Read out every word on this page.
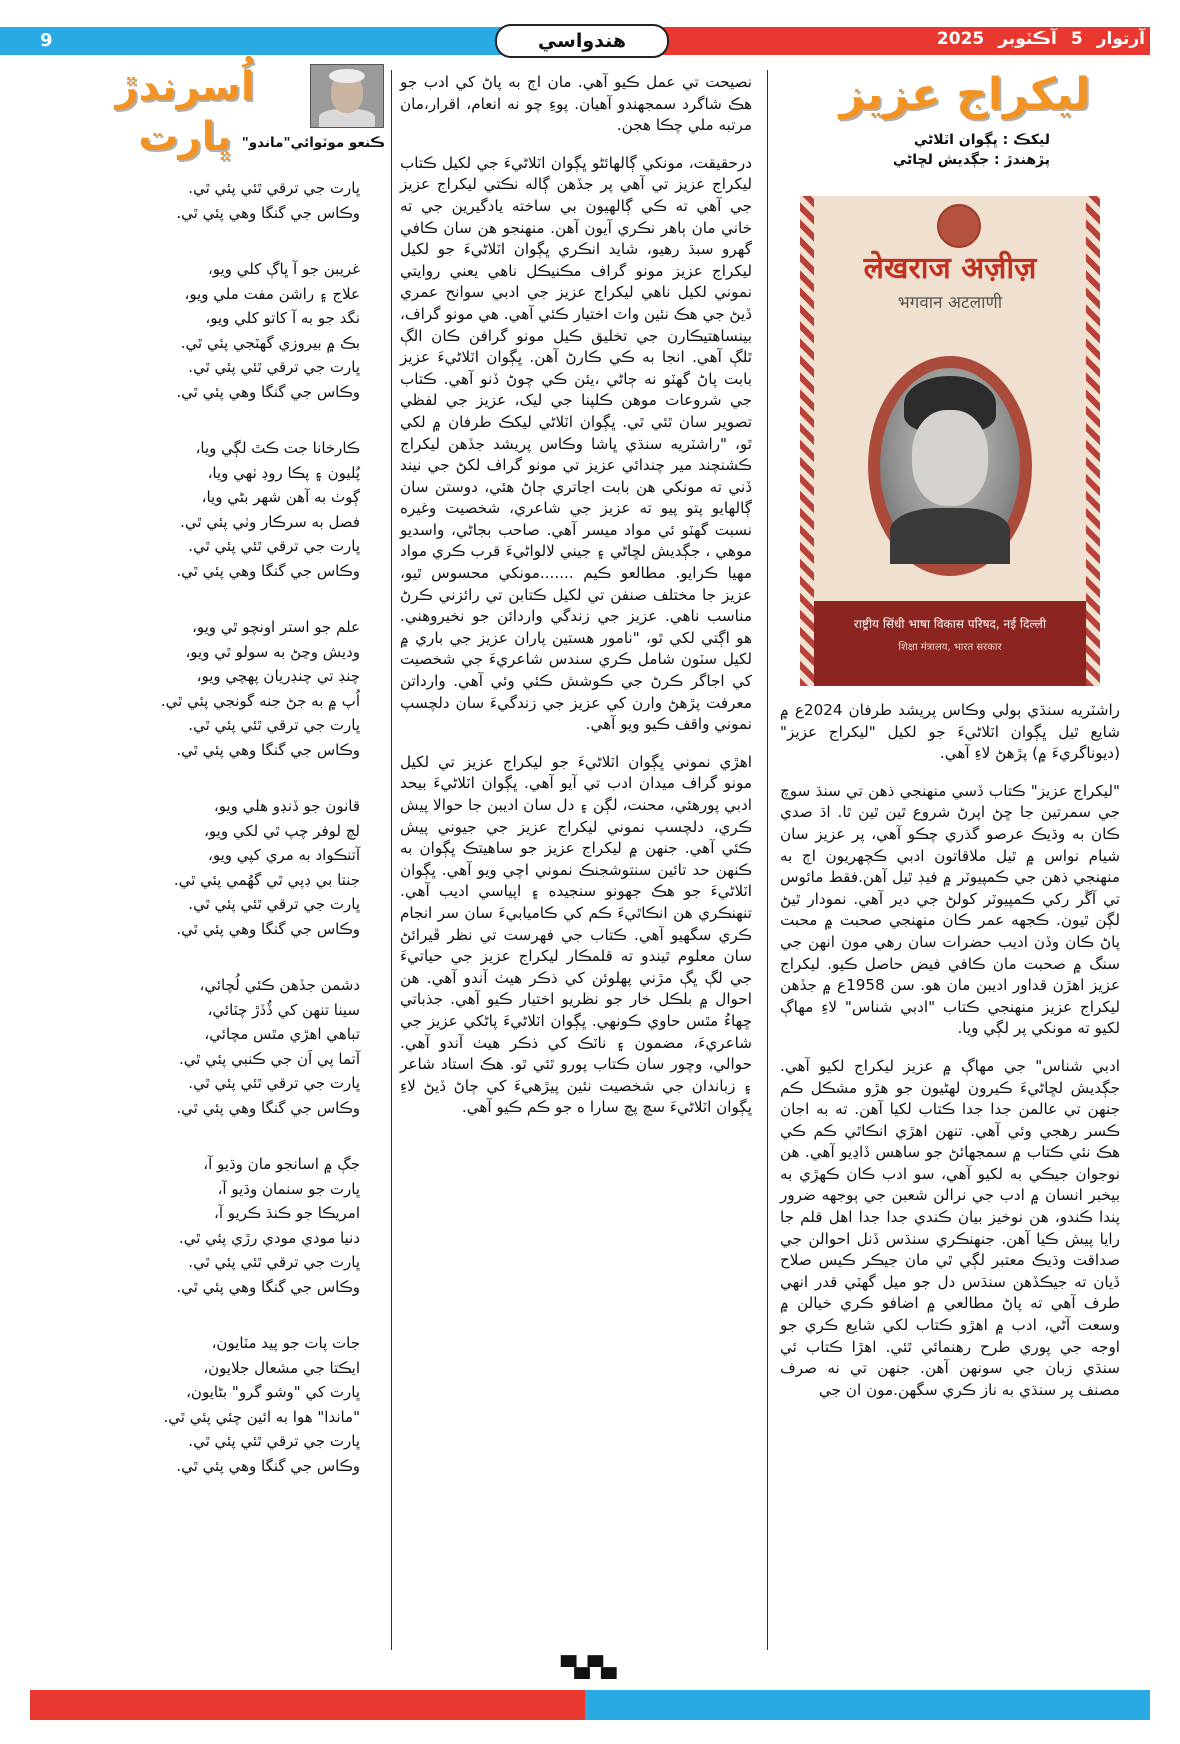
9	هندواسي	آرتوار5آڪٽوبر2025
ليکراج عزيز
ليکڪ : ڀڳوان اٽلاڻي
پڙهندڙ : جڳديش لڇاڻي
लेखराज अज़ीज़
भगवान अटलाणी
राष्ट्रीय सिंधी भाषा विकास परिषद, नई दिल्ली
शिक्षा मंत्रालय, भारत सरकार

راشٽريه سنڌي ٻولي وڪاس پريشد طرفان 2024ع ۾ شايع ٿيل ڀڳوان اٽلاڻيءَ جو لکيل "ليکراج عزيز" (ديوناگريءَ ۾) پڙهڻ لاءِ آهي.

"ليکراج عزيز" ڪتاب ڏسي منهنجي ذهن تي سنڌ سوچ جي سمرتين جا ڇڻ اپرڻ شروع ٿين ٿين ٿا. اڌ صدي ڪان به وڌيڪ عرصو گذري چڪو آهي، پر عزيز سان شيام نواس ۾ ٿيل ملاقاتون ادبي ڪچهريون اڄ به منهنجي ذهن جي ڪمپيوٽر ۾ فيڊ ٿيل آهن.فقط مائوس تي آڱر رکي ڪمپيوٽر کولڻ جي دير آهي. نمودار ٿيڻ لڳن ٿيون. ڪجهه عمر ڪان منهنجي صحبت ۾ محبت پاڻ ڪان وڏن اديب حضرات سان رهي مون انهن جي سنگ ۾ صحبت مان ڪافي فيض حاصل ڪيو. ليکراج عزيز اهڙن قداور اديبن مان هو. سن 1958ع ۾ جڏهن ليکراج عزيز منهنجي ڪتاب "ادبي شناس" لاءِ مهاڳ لکيو ته مونکي پر لڳي ويا.

ادبي شناس" جي مهاڳ ۾ عزيز ليکراج لکيو آهي. جڳديش لڇاڻيءَ ڪيرون لهڻيون جو هڙو مشڪل ڪم جنهن تي عالمن جدا جدا ڪتاب لکيا آهن. ته به اجان ڪسر رهجي وئي آهي. تنهن اهڙي انڪاٿي ڪم ڪي هڪ نئي ڪتاب ۾ سمجهائڻ جو ساهس ڏاڍيو آهي. هن نوجوان جيڪي به لکيو آهي، سو ادب ڪان ڪهڙي به بيخبر انسان ۾ ادب جي نرالن شعبن جي ٻوجهه ضرور پندا ڪندو، هن نوخيز بيان ڪندي جدا جدا اهل قلم جا رايا پيش ڪيا آهن. جنهنڪري سنڌس ڏنل احوالن جي صداقت وڌيڪ معتبر لڳي ٿي مان جيڪر ڪيس صلاح ڏيان ته جيڪڏهن سنڌس دل جو ميل گهٽي قدر انهي طرف آهي ته پاڻ مطالعي ۾ اضافو ڪري خيالن ۾ وسعت آڻي، ادب ۾ اهڙو ڪتاب لکي شايع ڪري جو اوجه جي پوري طرح رهنمائي ٿئي. اهڙا ڪتاب ئي سنڌي زبان جي سونهن آهن. جنهن تي نه صرف مصنف پر سنڌي به ناز ڪري سگهن.مون ان جي

نصيحت تي عمل ڪيو آهي. مان اڄ به پاڻ کي ادب جو هڪ شاگرد سمجهندو آهيان. پوءِ چو نه انعام، اقرار،مان مرتبه ملي چڪا هجن.

درحقيقت، مونکي ڳالهائڻو ڀڳوان اٽلاڻيءَ جي لکيل ڪتاب ليکراج عزيز تي آهي پر جڏهن ڳاله نڪتي ليکراج عزيز جي آهي ته ڪي ڳالهيون بي ساخته يادگيرين جي ته خاني مان ٻاهر نڪري آيون آهن. منهنجو هن سان ڪافي گهرو سبڌ رهيو، شايد انڪري ڀڳوان اٽلاڻيءَ جو لکيل ليکراج عزيز مونو گراف مڪنيڪل ناهي يعني روايتي نموني لکيل ناهي ليکراج عزيز جي ادبي سوانح عمري ڏيڻ جي هڪ نئين واٽ اختيار ڪئي آهي. هي مونو گراف، بينساهتيڪارن جي تخليق ڪيل مونو گرافن ڪان الڳ ٿلڳ آهي. انجا به ڪي ڪارڻ آهن. ڀڳوان اٽلاڻيءَ عزيز بابت پاڻ گهٽو نه ڄاڻي ،يئن ڪي چوڻ ڏنو آهي. ڪتاب جي شروعات موهن ڪلپنا جي ليک، عزيز جي لفظي تصوير سان ٿئي ٿي. ڀڳوان اٽلاڻي ليکڪ طرفان ۾ لکي ٿو، "راشٽريه سنڌي ڀاشا وڪاس پريشد جڏهن ليکراج ڪشنچند مير چندائي عزيز تي مونو گراف لکڻ جي نيند ڏني ته مونکي هن بابت اڃاتري ڄاڻ هئي، دوستن سان ڳالهايو پتو پيو ته عزيز جي شاعري، شخصيت وغيره نسبت گهٽو ئي مواد ميسر آهي. صاحب بجاڻي، واسديو موهي ، جڳديش لڇاڻي ۽ جيني لالواڻيءَ قرب ڪري مواد مهيا ڪرايو. مطالعو ڪيم .......مونکي محسوس ٿيو، عزيز جا مختلف صنفن تي لکيل ڪتابن تي رائزني ڪرڻ مناسب ناهي. عزيز جي زندگي واردائن جو نخيروهني. هو اڳتي لکي ٿو، "نامور هستين پاران عزيز جي باري ۾ لکيل سٽون شامل ڪري سندس شاعريءَ جي شخصيت کي اجاگر ڪرڻ جي ڪوشش ڪئي وئي آهي. وارداتن معرفت پڙهڻ وارن کي عزيز جي زندگيءَ سان دلچسپ نموني واقف ڪيو ويو آهي.

اهڙي نموني ڀڳوان اٽلاڻيءَ جو ليکراج عزيز تي لکيل مونو گراف ميدان ادب تي آيو آهي. ڀڳوان اٽلاڻيءَ بيحد ادبي پورهئي، محنت، لڳن ۽ دل سان اديبن جا حوالا پيش ڪري، دلچسپ نموني ليکراج عزيز جي جيوني پيش ڪئي آهي. جنهن ۾ ليکراج عزيز جو ساهيتڪ ڀڳوان به ڪنهن حد تائين سنتوشجنڪ نموني اچي ويو آهي. ڀڳوان اٽلاڻيءَ جو هڪ جهونو سنجيده ۽ اپياسي اديب آهي. تنهنڪري هن انڪاٿيءَ ڪم کي ڪاميابيءَ سان سر انجام ڪري سگهيو آهي. ڪتاب جي فهرست تي نظر ڦيرائڻ سان معلوم ٿيندو ته قلمڪار ليکراج عزيز جي حياتيءَ جي لڳ ڀڳ مڙني پهلوئن کي ذڪر هيٺ آندو آهي. هن احوال ۾ بلڪل خار جو نظريو اختيار ڪيو آهي. جذباتي ڇهاءُ مٿس حاوي ڪونهي. ڀڳوان اٽلاڻيءَ پاڻکي عزيز جي شاعريءَ، مضمون ۽ ناٽڪ کي ذڪر هيٺ آندو آهي. حوالي، وچور سان ڪتاب پورو ٿئي ٿو. هڪ استاد شاعر ۽ زباندان جي شخصيت نئين پيڙهيءَ کي ڄاڻ ڏيڻ لاءِ ڀڳوان اٽلاڻيءَ سچ پچ سارا ه جو ڪم ڪيو آهي.

اُسرندڙ ڀارت ڪنعو موٽوائي"ماندو"
ڀارت جي ترقي ٿئي پئي ٿي.
وڪاس جي گنگا وهي پئي ٿي.
غريبن جو آ ڀاڳ کلي ويو،
علاج ۽ راشن مفت ملي ويو،
نگد جو به آ کاتو کلي ويو،
بڪ ۾ بيروزي گهٽجي پئي ٿي.
ڀارت جي ترقي ٿئي پئي ٿي.
وڪاس جي گنگا وهي پئي ٿي.
ڪارخانا جت ڪٿ لڳي ويا،
پُليون ۽ پڪا روڊ ٺهي ويا،
ڳوٺ به آهن شهر بڻي ويا،
فصل به سرڪار وٺي پئي ٿي.
ڀارت جي ترقي ٿئي پئي ٿي.
وڪاس جي گنگا وهي پئي ٿي.
علم جو استر اونچو ٿي ويو،
وديش وڃڻ به سولو ٿي ويو،
چنڊ تي چنڊريان پهچي ويو،
اُپ ۾ به جڻ جنه گونجي پئي ٿي.
ڀارت جي ترقي ٿئي پئي ٿي.
وڪاس جي گنگا وهي پئي ٿي.
قانون جو ڏنڊو هلي ويو،
لچ لوفر چپ ٿي لکي ويو،
آتنڪواد به مري کپي ويو،
جنتا بي ڊپي ٿي گهُمي پئي ٿي.
ڀارت جي ترقي ٿئي پئي ٿي.
وڪاس جي گنگا وهي پئي ٿي.
دشمن جڏهن ڪئي لُچائي،
سينا تنهن کي ڏُڏڙ چٽائي،
تباهي اهڙي مٿس مچائي،
آتما پي اَن جي ڪنبي پئي ٿي.
ڀارت جي ترقي ٿئي پئي ٿي.
وڪاس جي گنگا وهي پئي ٿي.
جڳ ۾ اسانجو مان وڌيو آ،
ڀارت جو سنمان وڌيو آ،
امريڪا جو ڪنڌ ڪريو آ،
دنيا مودي مودي رڙي پئي ٿي.
ڀارت جي ترقي ٿئي پئي ٿي.
وڪاس جي گنگا وهي پئي ٿي.
جات پات جو پيد مٽايون،
ايڪتا جي مشعال جلايون،
ڀارت کي "وشو گرو" بڻايون،
"ماندا" هوا به ائين چئي پئي ٿي.
ڀارت جي ترقي ٿئي پئي ٿي.
وڪاس جي گنگا وهي پئي ٿي.
▀▄▀▄
